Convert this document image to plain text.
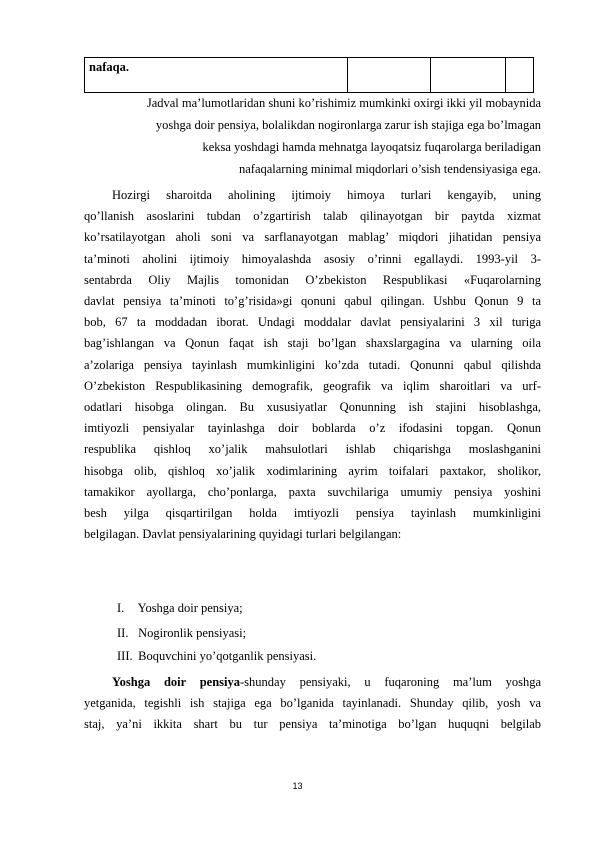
nafaqa.			
Jadval ma’lumotlaridan shuni ko’rishimiz mumkinki oxirgi ikki yil mobaynida
yoshga doir pensiya, bolalikdan nogironlarga zarur ish stajiga ega bo’lmagan
keksa yoshdagi hamda mehnatga layoqatsiz fuqarolarga beriladigan
nafaqalarning minimal miqdorlari o’sish tendensiyasiga ega.
Hozirgi sharoitda aholining ijtimoiy himoya turlari kengayib, uning
qo’llanish asoslarini tubdan o’zgartirish talab qilinayotgan bir paytda xizmat
ko’rsatilayotgan aholi soni va sarflanayotgan mablag’ miqdori jihatidan pensiya
ta’minoti aholini ijtimoiy himoyalashda asosiy o’rinni egallaydi. 1993-yil 3-
sentabrda Oliy Majlis tomonidan O’zbekiston Respublikasi «Fuqarolarning
davlat pensiya ta’minoti to’g’risida»gi qonuni qabul qilingan. Ushbu Qonun 9 ta
bob, 67 ta moddadan iborat. Undagi moddalar davlat pensiyalarini 3 xil turiga
bag’ishlangan va Qonun faqat ish staji bo’lgan shaxslargagina va ularning oila
a’zolariga pensiya tayinlash mumkinligini ko’zda tutadi. Qonunni qabul qilishda
O’zbekiston Respublikasining demografik, geografik va iqlim sharoitlari va urf-
odatlari hisobga olingan. Bu xususiyatlar Qonunning ish stajini hisoblashga,
imtiyozli pensiyalar tayinlashga doir boblarda o’z ifodasini topgan. Qonun
respublika qishloq xo’jalik mahsulotlari ishlab chiqarishga moslashganini
hisobga olib, qishloq xo’jalik xodimlarining ayrim toifalari paxtakor, sholikor,
tamakikor ayollarga, cho’ponlarga, paxta suvchilariga umumiy pensiya yoshini
besh yilga qisqartirilgan holda imtiyozli pensiya tayinlash mumkinligini
belgilagan. Davlat pensiyalarining quyidagi turlari belgilangan:
I. Yoshga doir pensiya;
II. Nogironlik pensiyasi;
III. Boquvchini yo’qotganlik pensiyasi.
Yoshga doir pensiya-shunday pensiyaki, u fuqaroning ma’lum yoshga
yetganida, tegishli ish stajiga ega bo’lganida tayinlanadi. Shunday qilib, yosh va
staj, ya’ni ikkita shart bu tur pensiya ta’minotiga bo’lgan huquqni belgilab
13
